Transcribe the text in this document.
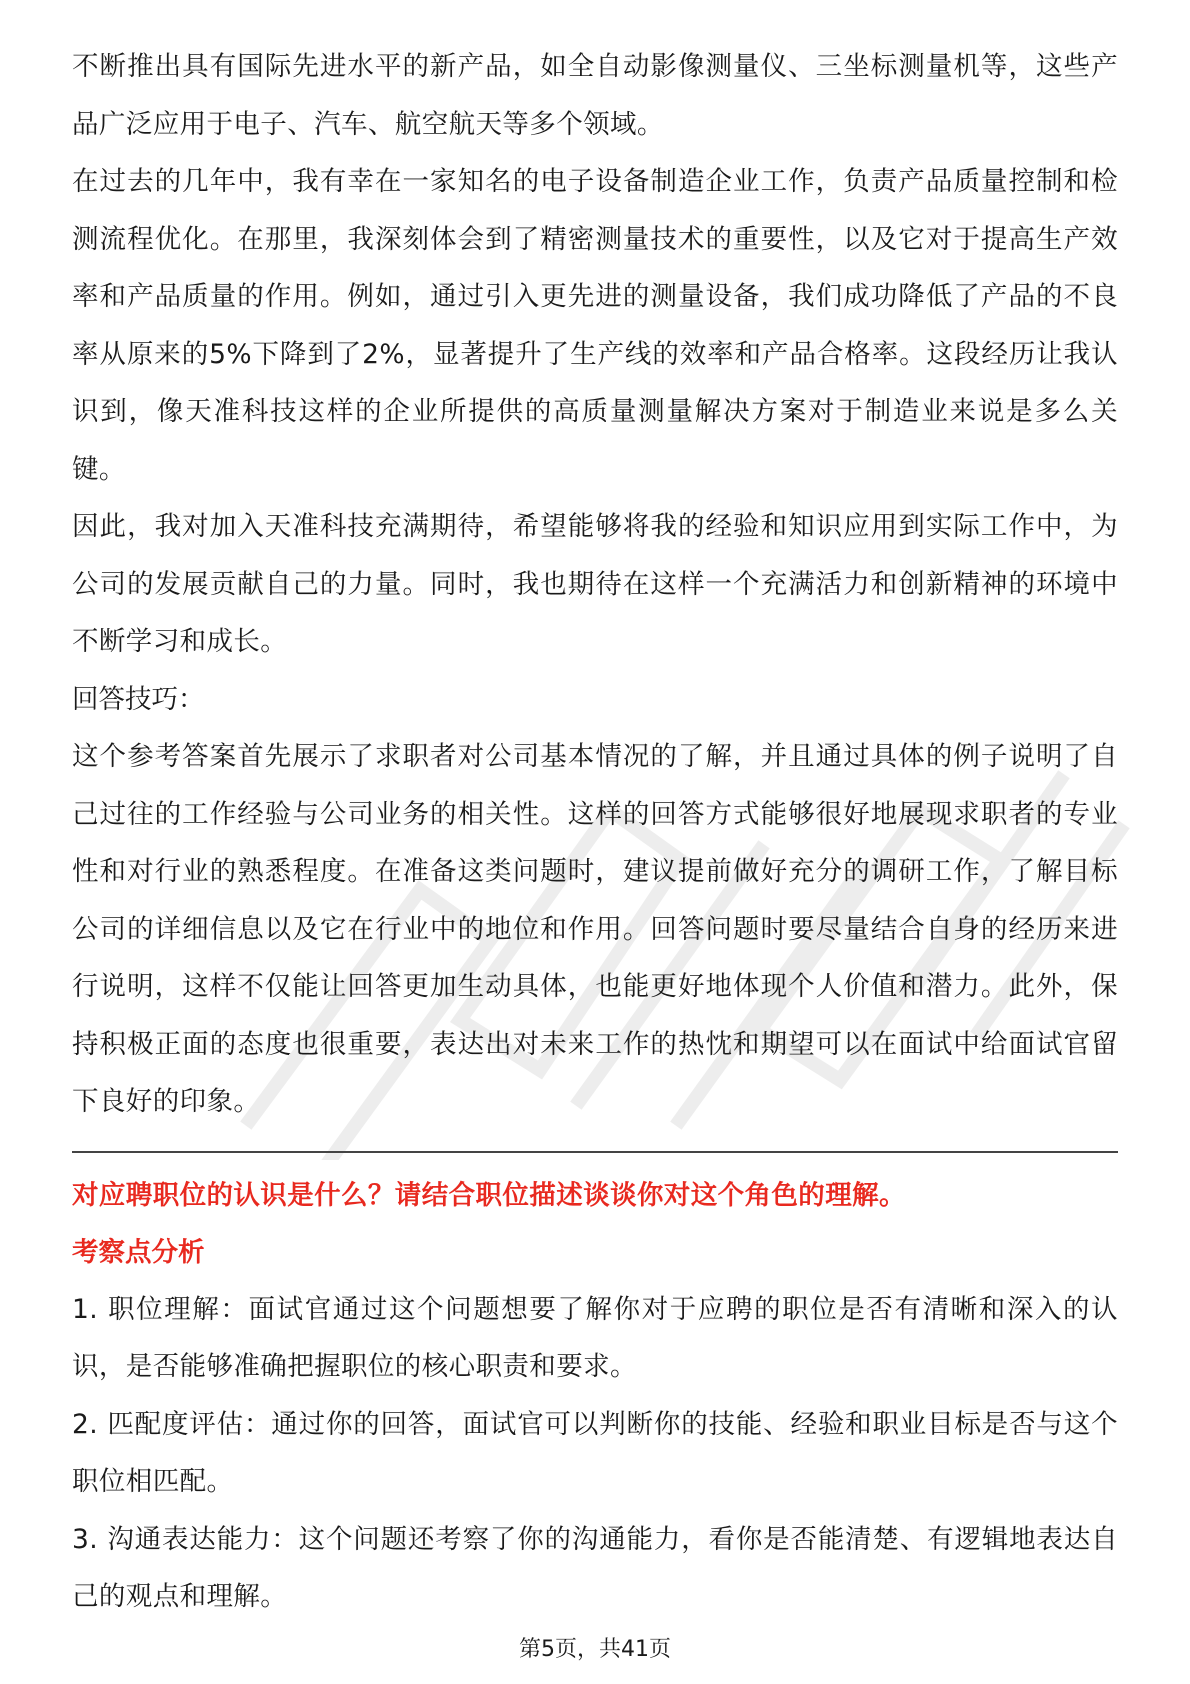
不断推出具有国际先进水平的新产品，如全自动影像测量仪、三坐标测量机等，这些产品广泛应用于电子、汽车、航空航天等多个领域。

在过去的几年中，我有幸在一家知名的电子设备制造企业工作，负责产品质量控制和检测流程优化。在那里，我深刻体会到了精密测量技术的重要性，以及它对于提高生产效率和产品质量的作用。例如，通过引入更先进的测量设备，我们成功降低了产品的不良率从原来的5%下降到了2%，显著提升了生产线的效率和产品合格率。这段经历让我认识到，像天准科技这样的企业所提供的高质量测量解决方案对于制造业来说是多么关键。

因此，我对加入天准科技充满期待，希望能够将我的经验和知识应用到实际工作中，为公司的发展贡献自己的力量。同时，我也期待在这样一个充满活力和创新精神的环境中不断学习和成长。

回答技巧：

这个参考答案首先展示了求职者对公司基本情况的了解，并且通过具体的例子说明了自己过往的工作经验与公司业务的相关性。这样的回答方式能够很好地展现求职者的专业性和对行业的熟悉程度。在准备这类问题时，建议提前做好充分的调研工作，了解目标公司的详细信息以及它在行业中的地位和作用。回答问题时要尽量结合自身的经历来进行说明，这样不仅能让回答更加生动具体，也能更好地体现个人价值和潜力。此外，保持积极正面的态度也很重要，表达出对未来工作的热忱和期望可以在面试中给面试官留下良好的印象。

对应聘职位的认识是什么？请结合职位描述谈谈你对这个角色的理解。

考察点分析

1. 职位理解：面试官通过这个问题想要了解你对于应聘的职位是否有清晰和深入的认识，是否能够准确把握职位的核心职责和要求。

2. 匹配度评估：通过你的回答，面试官可以判断你的技能、经验和职业目标是否与这个职位相匹配。

3. 沟通表达能力：这个问题还考察了你的沟通能力，看你是否能清楚、有逻辑地表达自己的观点和理解。

第5页，共41页
